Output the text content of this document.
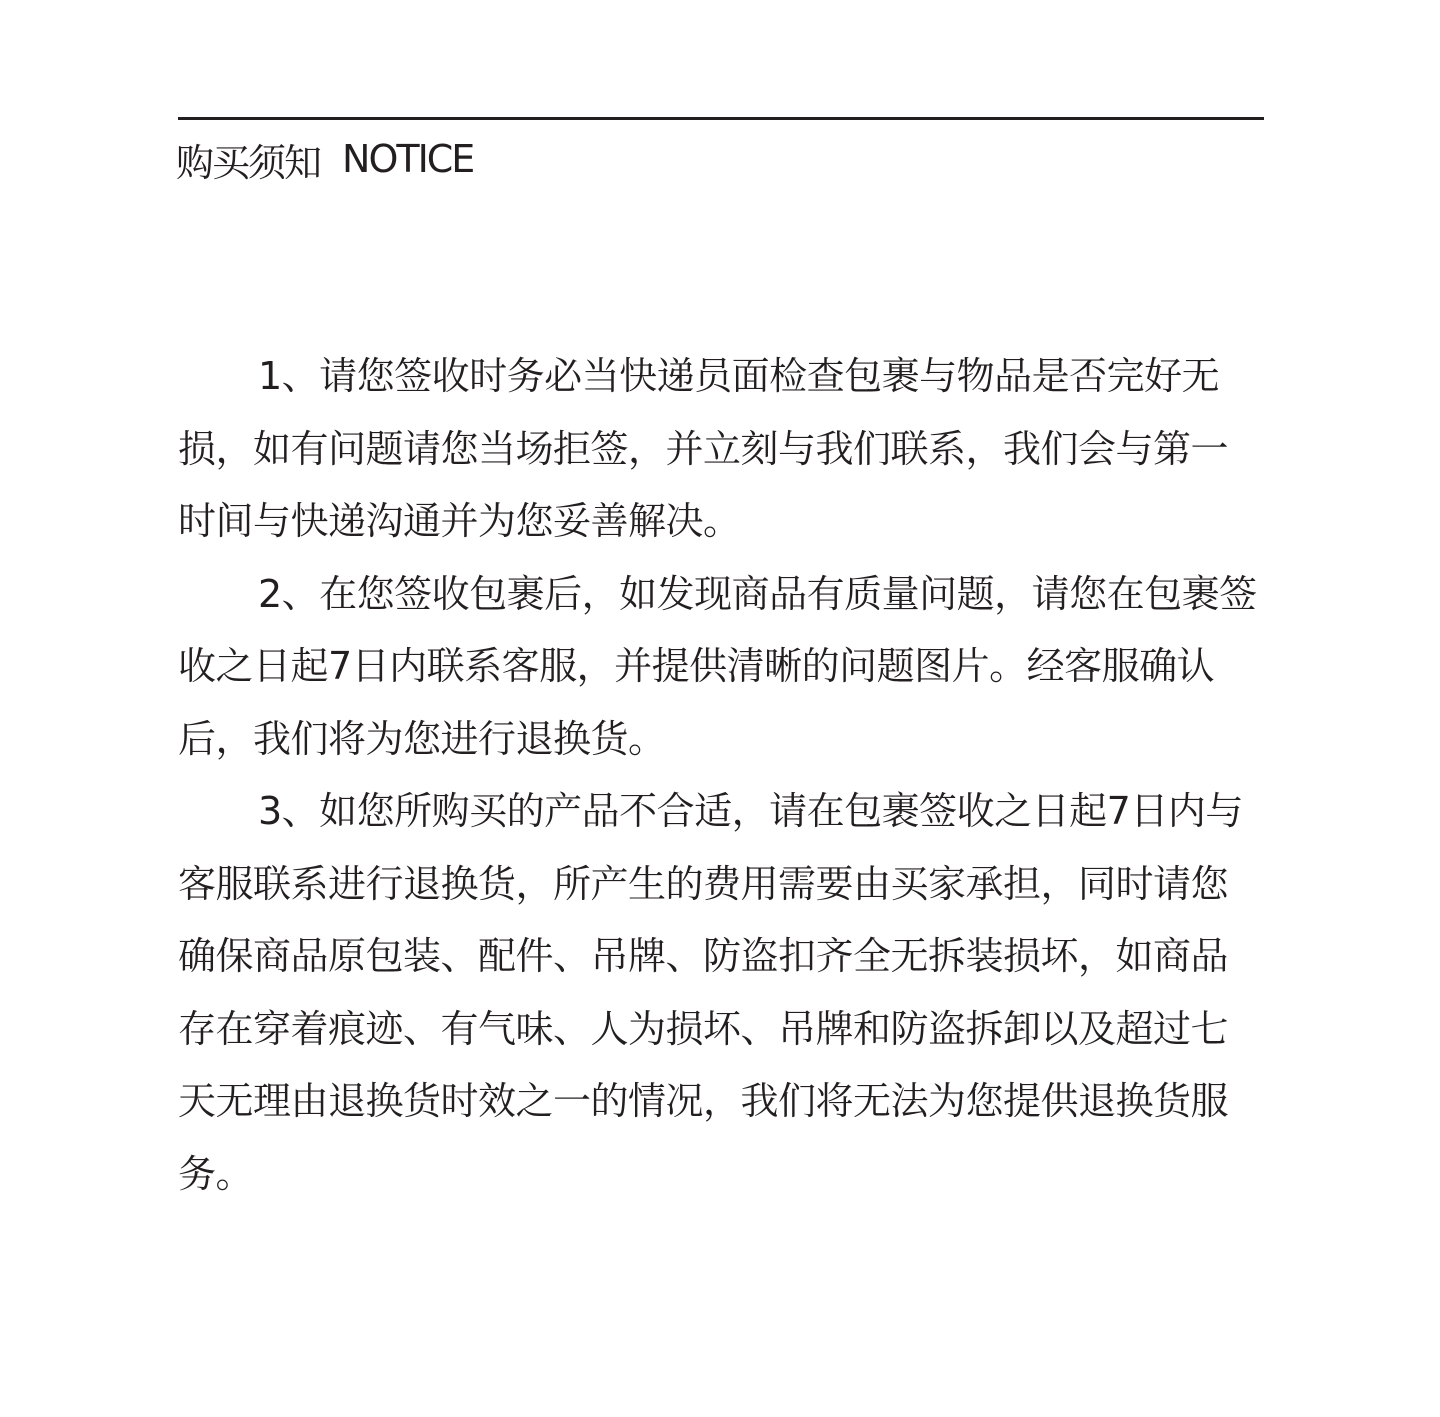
购买须知 NOTICE

1、请您签收时务必当快递员面检查包裹与物品是否完好无损，如有问题请您当场拒签，并立刻与我们联系，我们会与第一时间与快递沟通并为您妥善解决。

2、在您签收包裹后，如发现商品有质量问题，请您在包裹签收之日起7日内联系客服，并提供清晰的问题图片。经客服确认后，我们将为您进行退换货。

3、如您所购买的产品不合适，请在包裹签收之日起7日内与客服联系进行退换货，所产生的费用需要由买家承担，同时请您确保商品原包装、配件、吊牌、防盗扣齐全无拆装损坏，如商品存在穿着痕迹、有气味、人为损坏、吊牌和防盗拆卸以及超过七天无理由退换货时效之一的情况，我们将无法为您提供退换货服务。
